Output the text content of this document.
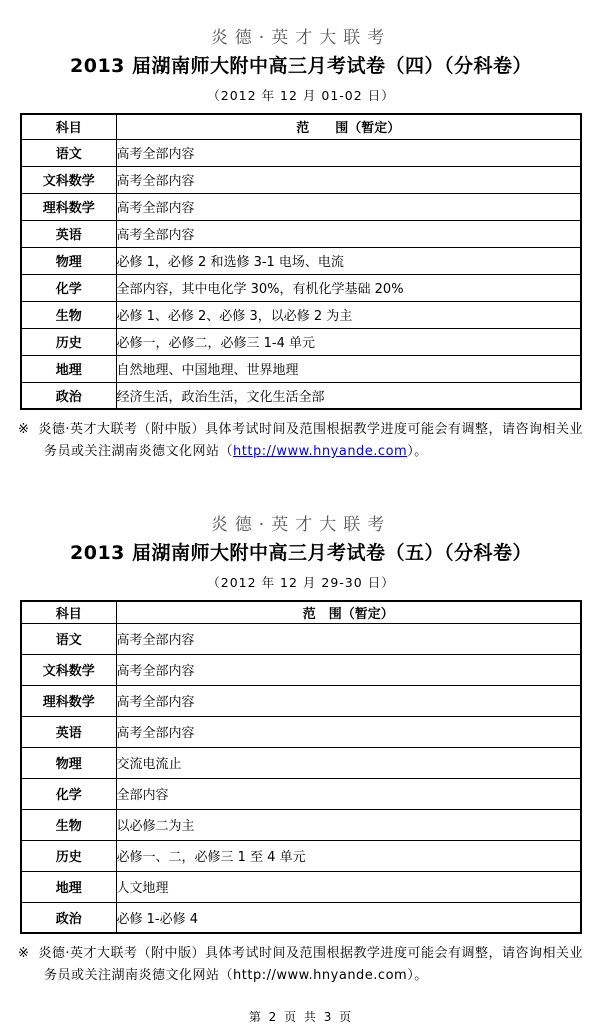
炎德·英才大联考
2013 届湖南师大附中高三月考试卷（四）（分科卷）
（2012 年 12 月 01-02 日）
科目	范　　围（暂定）
语文	高考全部内容
文科数学	高考全部内容
理科数学	高考全部内容
英语	高考全部内容
物理	必修 1，必修 2 和选修 3-1 电场、电流
化学	全部内容，其中电化学 30%，有机化学基础 20%
生物	必修 1、必修 2、必修 3，以必修 2 为主
历史	必修一，必修二，必修三 1-4 单元
地理	自然地理、中国地理、世界地理
政治	经济生活，政治生活，文化生活全部
※ 炎德·英才大联考（附中版）具体考试时间及范围根据教学进度可能会有调整，请咨询相关业务员或关注湖南炎德文化网站（http://www.hnyande.com）。
炎德·英才大联考
2013 届湖南师大附中高三月考试卷（五）（分科卷）
（2012 年 12 月 29-30 日）
科目	范　围（暂定）
语文	高考全部内容
文科数学	高考全部内容
理科数学	高考全部内容
英语	高考全部内容
物理	交流电流止
化学	全部内容
生物	以必修二为主
历史	必修一、二，必修三 1 至 4 单元
地理	人文地理
政治	必修 1-必修 4
※ 炎德·英才大联考（附中版）具体考试时间及范围根据教学进度可能会有调整，请咨询相关业务员或关注湖南炎德文化网站（http://www.hnyande.com）。
第 2 页 共 3 页
